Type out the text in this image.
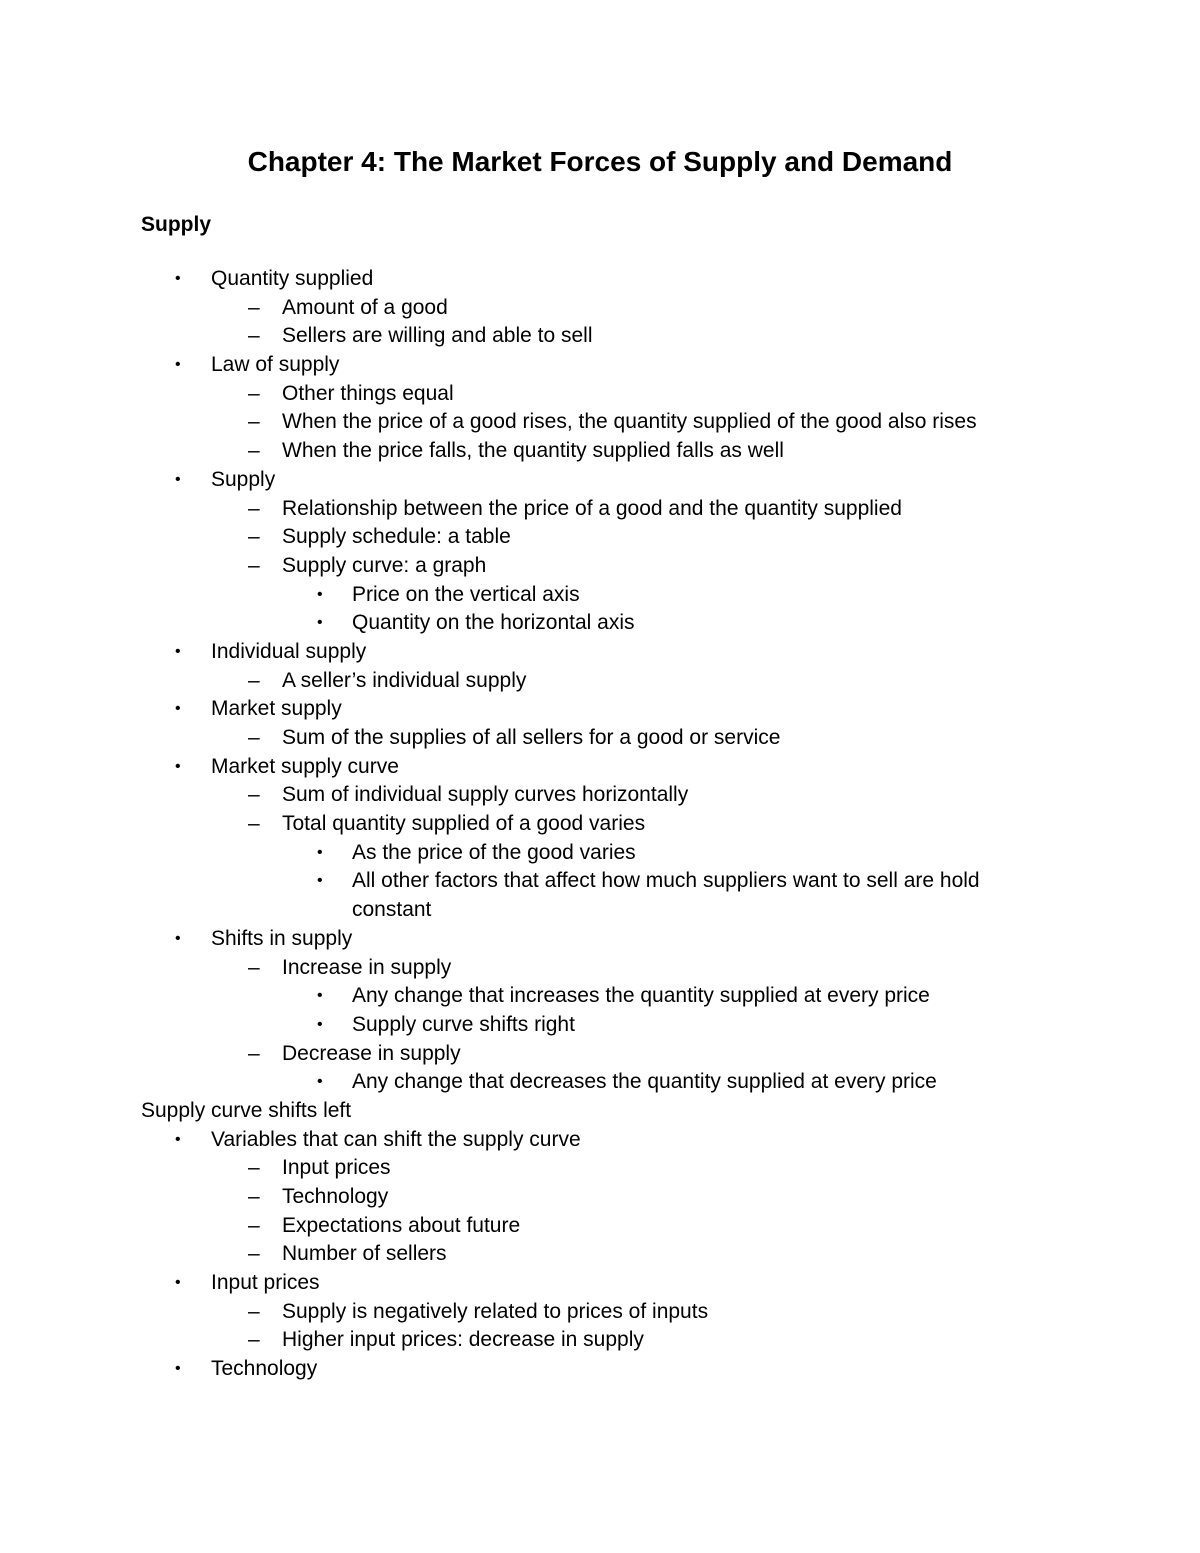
Chapter 4: The Market Forces of Supply and Demand
Supply
• Quantity supplied
– Amount of a good
– Sellers are willing and able to sell
• Law of supply
– Other things equal
– When the price of a good rises, the quantity supplied of the good also rises
– When the price falls, the quantity supplied falls as well
• Supply
– Relationship between the price of a good and the quantity supplied
– Supply schedule: a table
– Supply curve: a graph
• Price on the vertical axis
• Quantity on the horizontal axis
• Individual supply
– A seller’s individual supply
• Market supply
– Sum of the supplies of all sellers for a good or service
• Market supply curve
– Sum of individual supply curves horizontally
– Total quantity supplied of a good varies
• As the price of the good varies
• All other factors that affect how much suppliers want to sell are hold
constant
• Shifts in supply
– Increase in supply
• Any change that increases the quantity supplied at every price
• Supply curve shifts right
– Decrease in supply
• Any change that decreases the quantity supplied at every price
Supply curve shifts left
• Variables that can shift the supply curve
– Input prices
– Technology
– Expectations about future
– Number of sellers
• Input prices
– Supply is negatively related to prices of inputs
– Higher input prices: decrease in supply
• Technology
